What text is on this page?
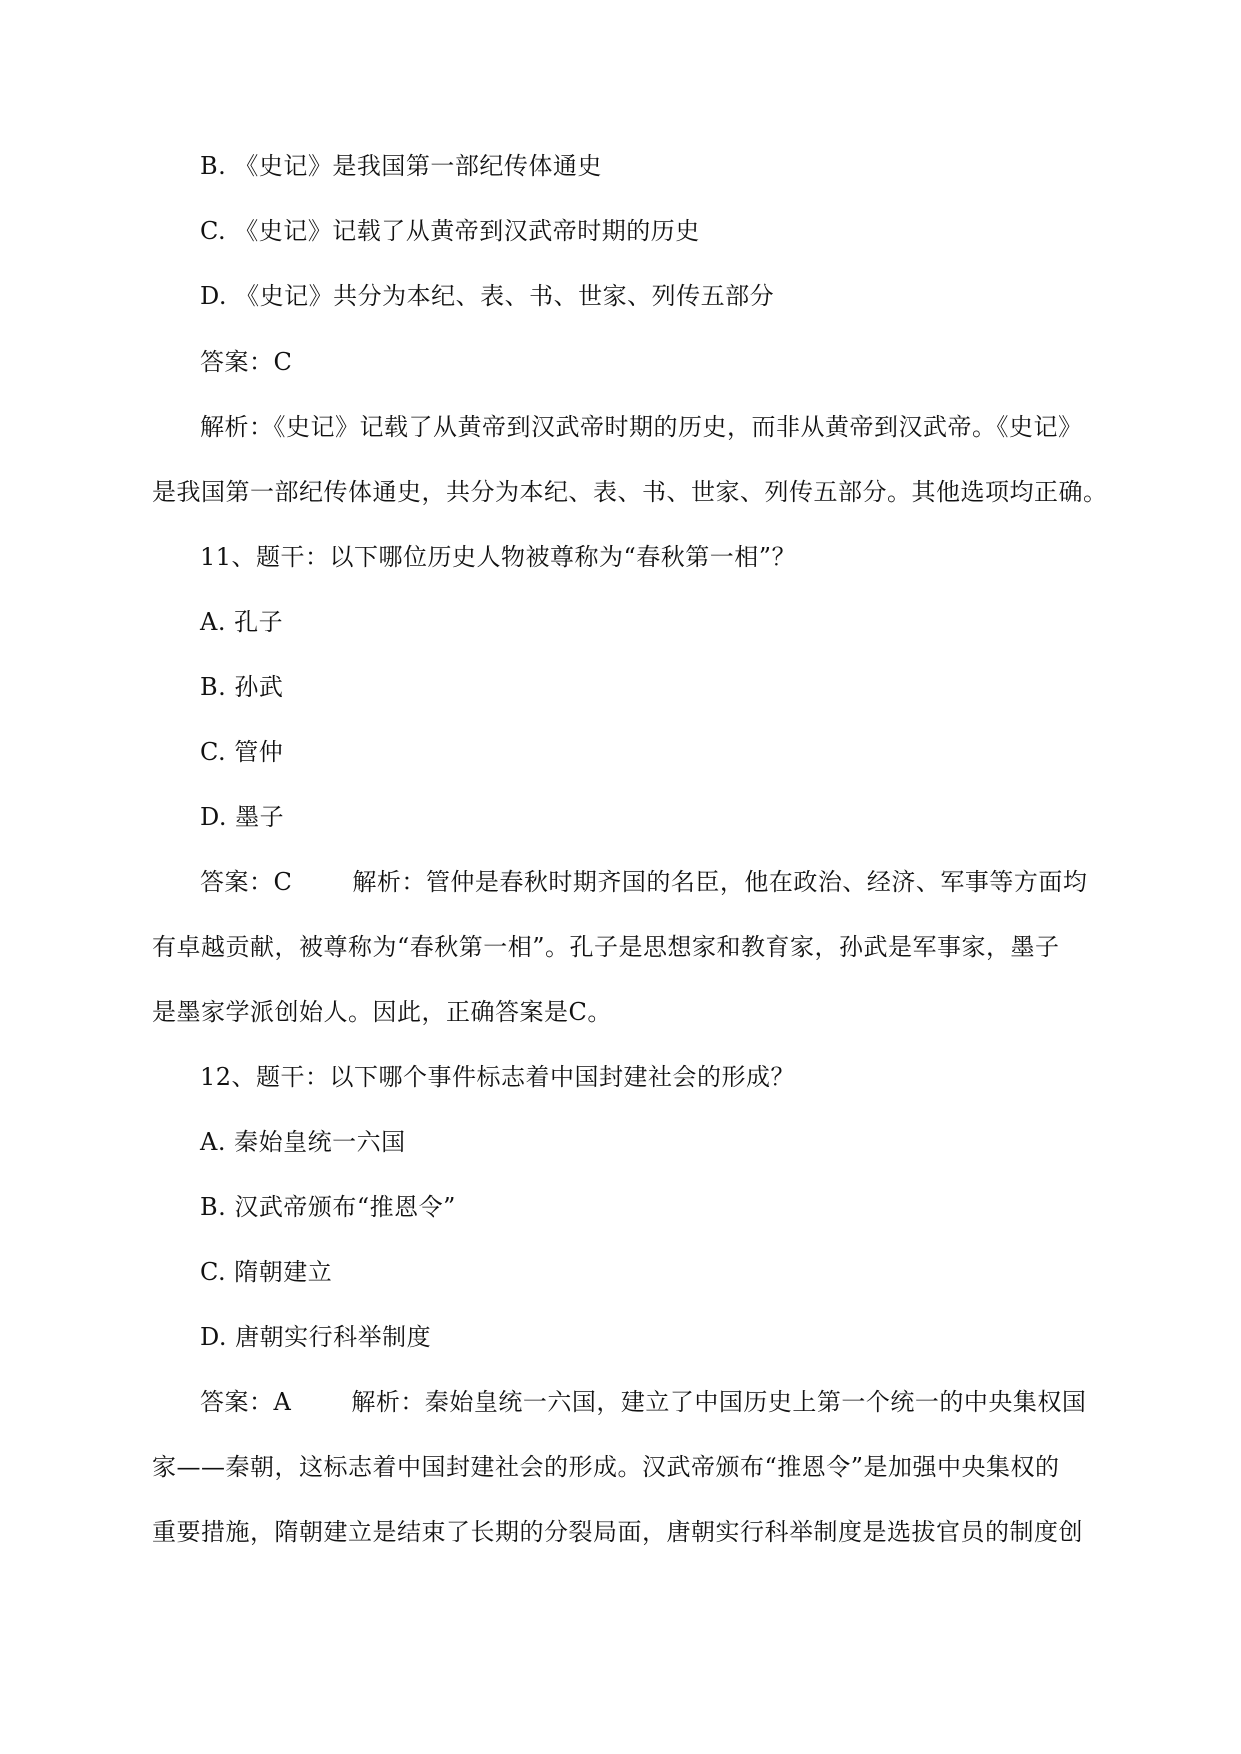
B. 《史记》是我国第一部纪传体通史
C. 《史记》记载了从黄帝到汉武帝时期的历史
D. 《史记》共分为本纪、表、书、世家、列传五部分
答案：C
解析：《史记》记载了从黄帝到汉武帝时期的历史，而非从黄帝到汉武帝。《史记》
是我国第一部纪传体通史，共分为本纪、表、书、世家、列传五部分。其他选项均正确。
11、题干：以下哪位历史人物被尊称为“春秋第一相”？
A. 孔子
B. 孙武
C. 管仲
D. 墨子
答案：C	解析：管仲是春秋时期齐国的名臣，他在政治、经济、军事等方面均
有卓越贡献，被尊称为“春秋第一相”。孔子是思想家和教育家，孙武是军事家，墨子
是墨家学派创始人。因此，正确答案是C。
12、题干：以下哪个事件标志着中国封建社会的形成？
A. 秦始皇统一六国
B. 汉武帝颁布“推恩令”
C. 隋朝建立
D. 唐朝实行科举制度
答案：A	解析：秦始皇统一六国，建立了中国历史上第一个统一的中央集权国
家——秦朝，这标志着中国封建社会的形成。汉武帝颁布“推恩令”是加强中央集权的
重要措施，隋朝建立是结束了长期的分裂局面，唐朝实行科举制度是选拔官员的制度创
